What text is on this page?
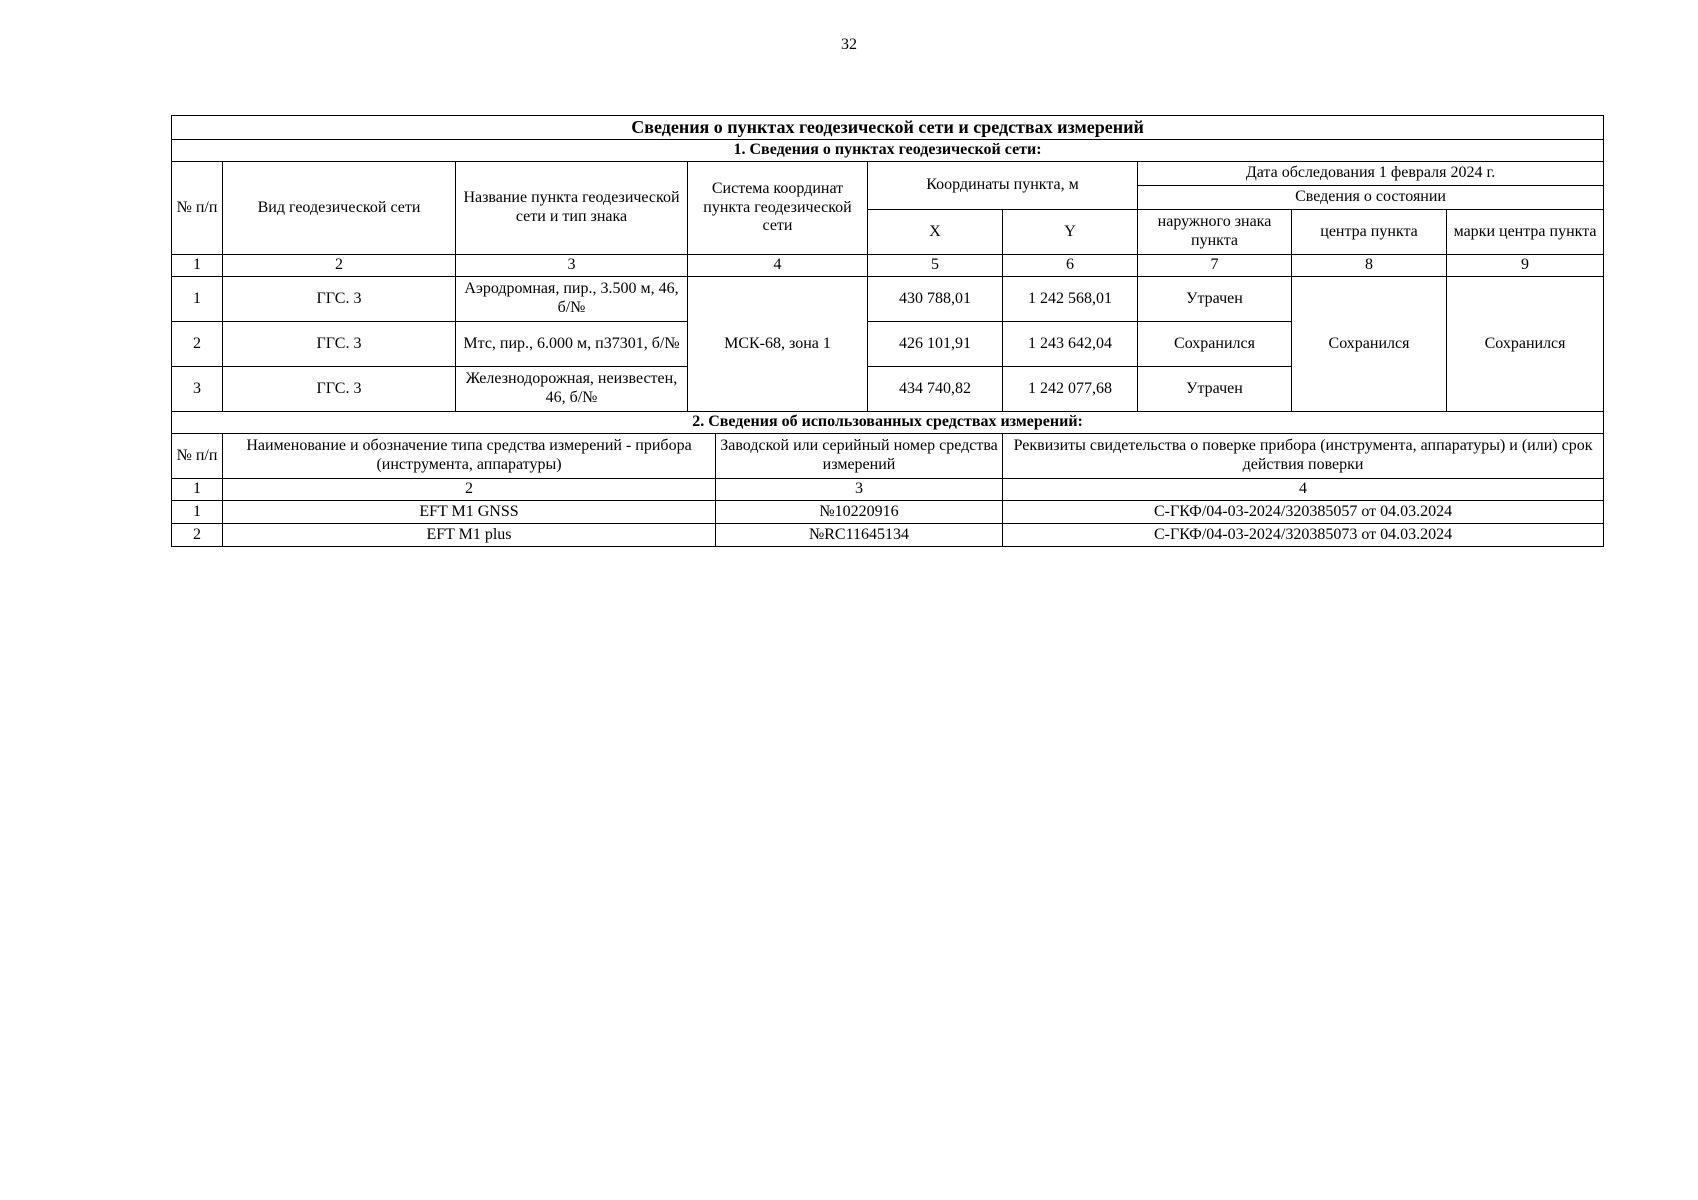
32
Сведения о пунктах геодезической сети и средствах измерений									
1. Сведения о пунктах геодезической сети:									
№ п/п	Вид геодезической сети	Название пункта геодезической сети и тип знака	Система координат пункта геодезической сети		Координаты пункта, м		Дата обследования 1 февраля 2024 г.		
							Сведения о состоянии		
					X	Y	наружного знака пункта	центра пункта	марки центра пункта
1	2	3	4		5	6	7	8	9
1	ГГС. 3	Аэродромная, пир., 3.500 м, 46, б/№	МСК-68, зона 1		430 788,01	1 242 568,01	Утрачен	Сохранился	Сохранился
2	ГГС. 3	Мтс, пир., 6.000 м, п37301, б/№			426 101,91	1 243 642,04	Сохранился		
3	ГГС. 3	Железнодорожная, неизвестен, 46, б/№			434 740,82	1 242 077,68	Утрачен		
2. Сведения об использованных средствах измерений:									
№ п/п	Наименование и обозначение типа средства измерений - прибора (инструмента, аппаратуры)			Заводской или серийный номер средства измерений		Реквизиты свидетельства о поверке прибора (инструмента, аппаратуры) и (или) срок действия поверки			
1	2			3		4			
1	EFT M1 GNSS			№10220916		С-ГКФ/04-03-2024/320385057 от 04.03.2024			
2	EFT M1 plus			№RC11645134		С-ГКФ/04-03-2024/320385073 от 04.03.2024			
